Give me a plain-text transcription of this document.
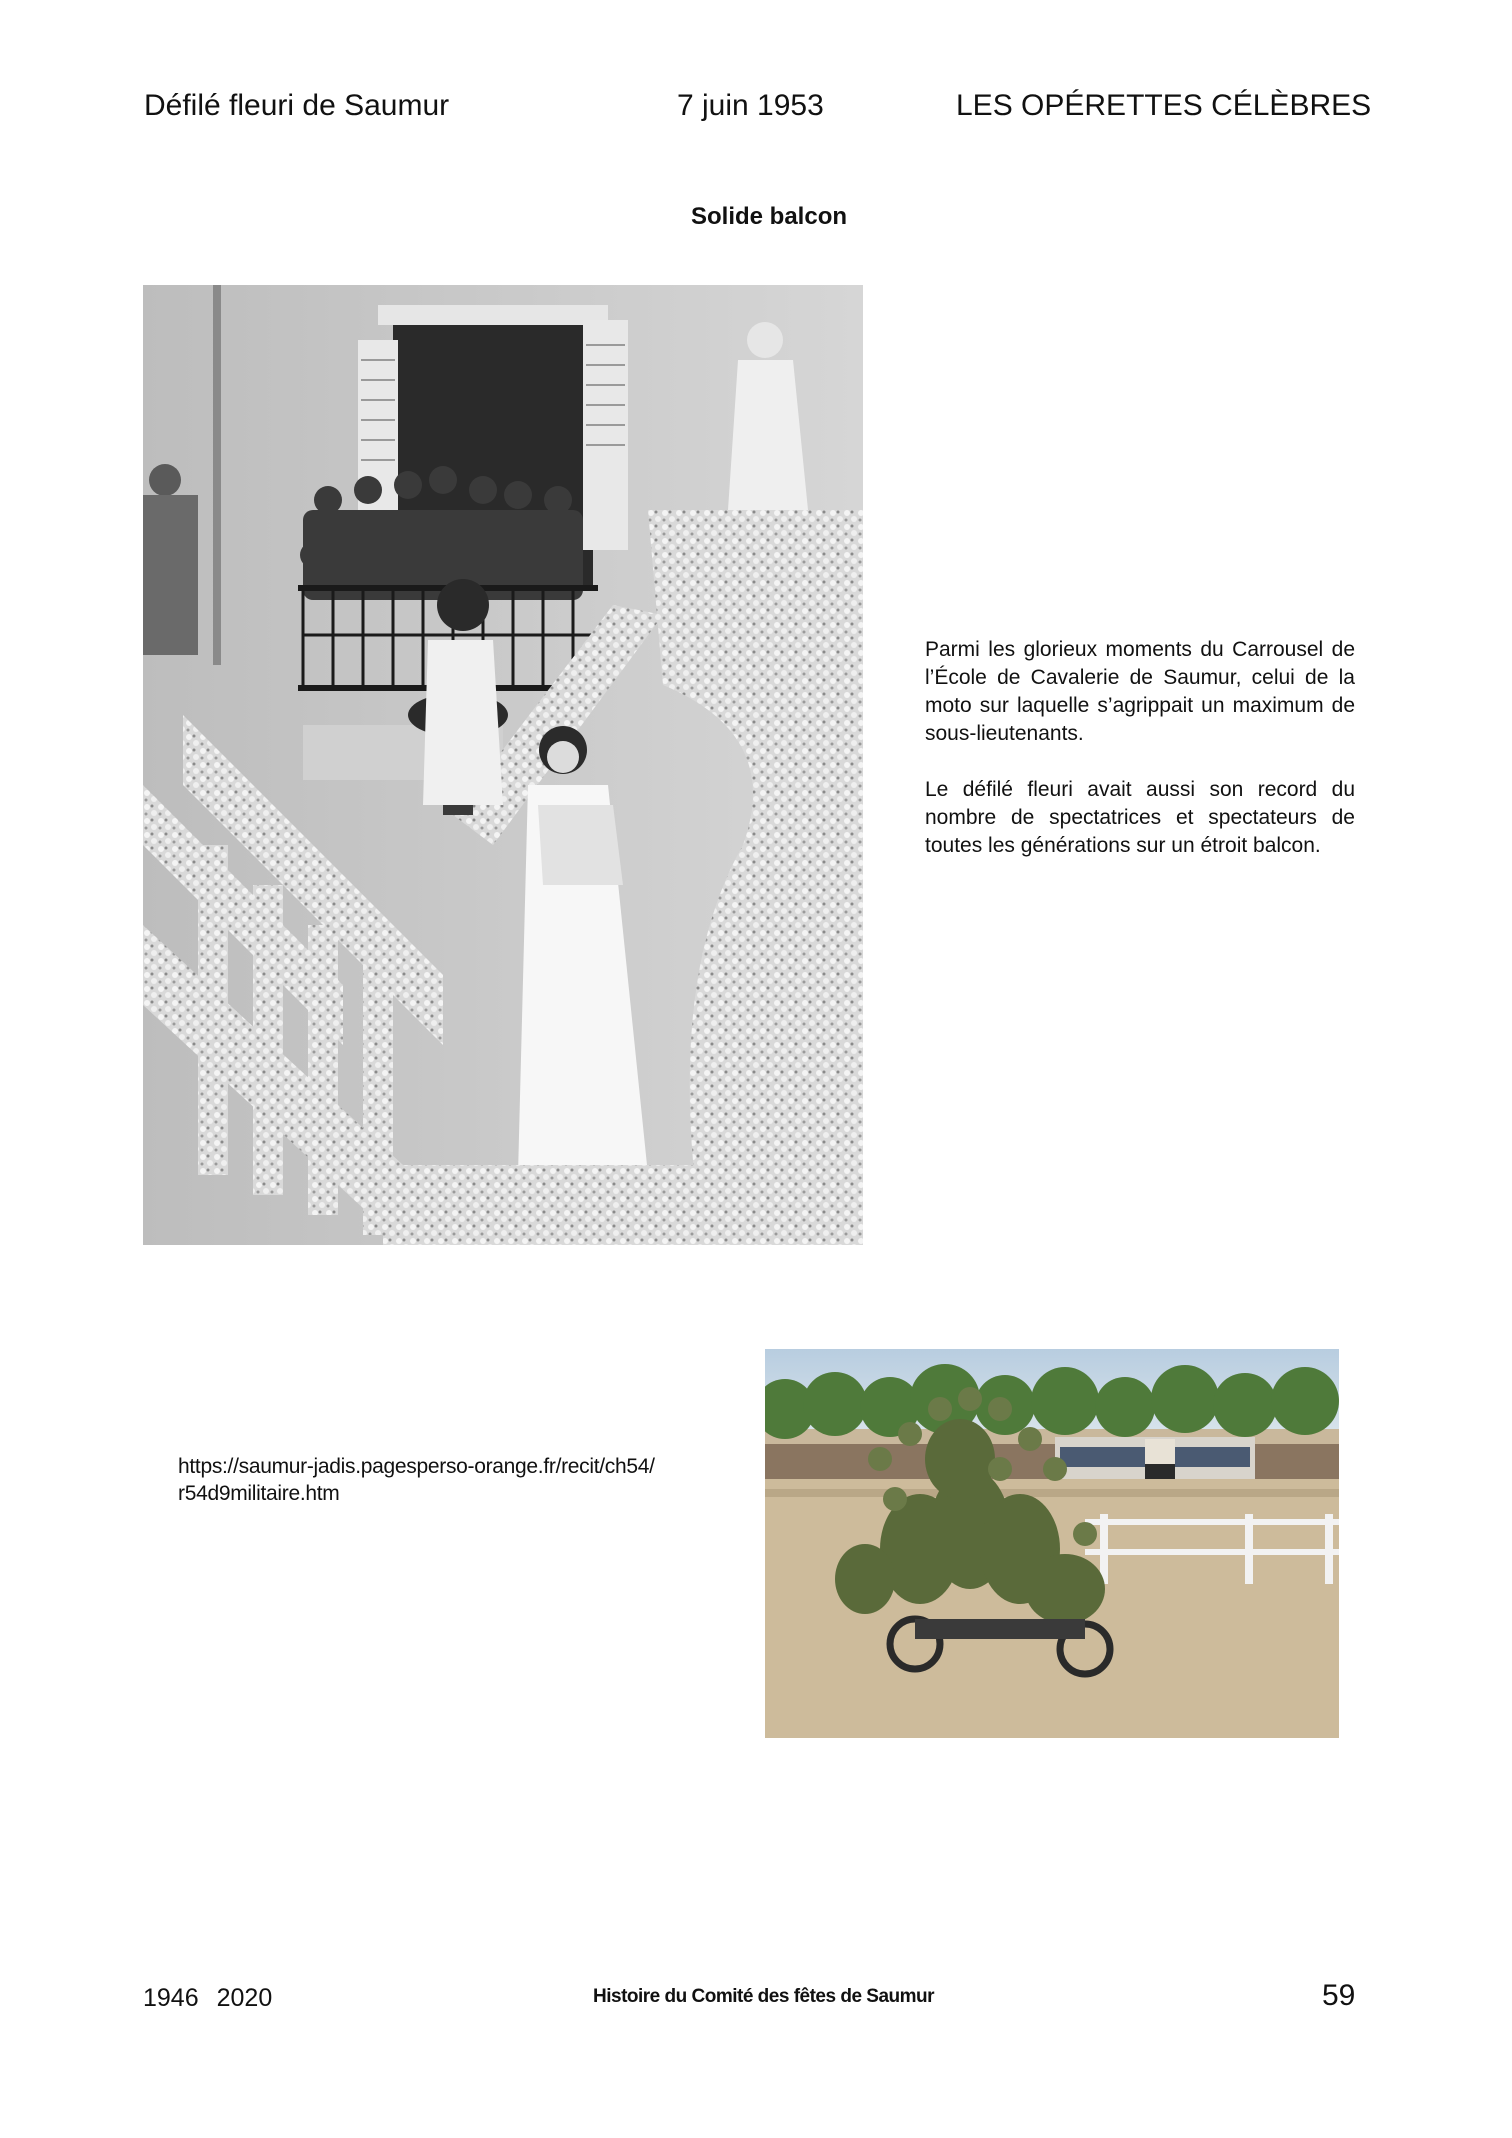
Défilé fleuri de Saumur	7 juin 1953	LES OPÉRETTES CÉLÈBRES
Solide balcon

Parmi les glorieux moments du Carrousel de l’École de Cavalerie de Saumur, celui de la moto sur laquelle s’agrippait un maximum de sous-lieutenants.

Le défilé fleuri avait aussi son record du nombre de spectatrices et spectateurs de toutes les générations sur un étroit balcon.

https://saumur-jadis.pagesperso-orange.fr/recit/ch54/
r54d9militaire.htm
1946 2020	Histoire du Comité des fêtes de Saumur	59
